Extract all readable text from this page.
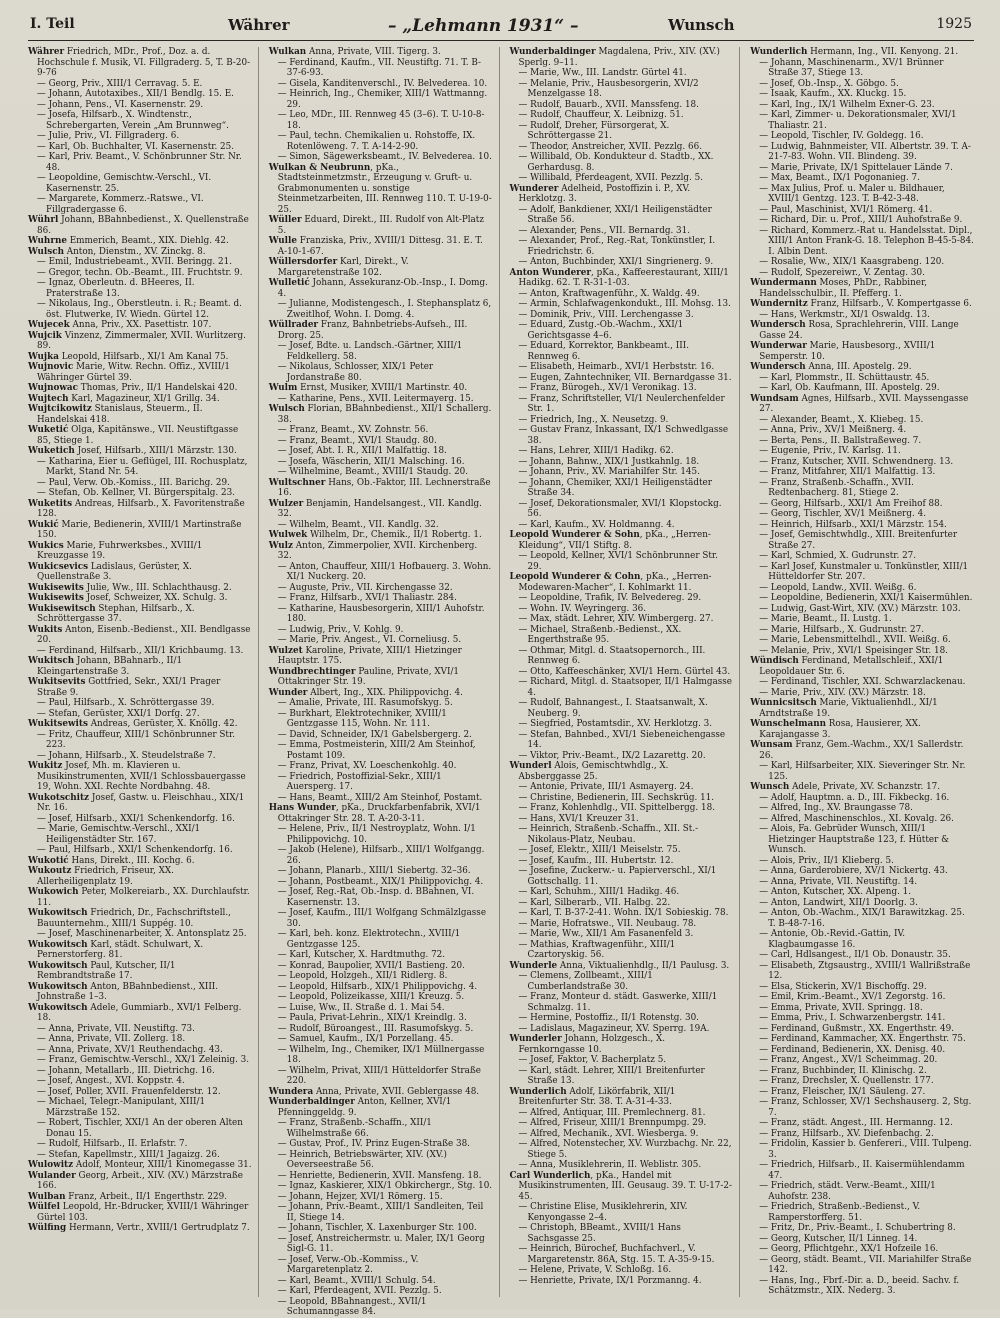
I. Teil	Währer	– „Lehmann 1931“ –	Wunsch	1925

Währer Friedrich, MDr., Prof., Doz. a. d. Hochschule f. Musik, VI. Fillgraderg. 5, T. B-20-9-76

— Georg, Priv., XIII/1 Cerravag. 5. E.

— Johann, Autotaxibes., XII/1 Bendlg. 15. E.

— Johann, Pens., VI. Kasernenstr. 29.

— Josefa, Hilfsarb., X. Windtenstr., Schrebergarten, Verein „Am Brunnweg“.

— Julie, Priv., VI. Fillgraderg. 6.

— Karl, Ob. Buchhalter, VI. Kasernenstr. 25.

— Karl, Priv. Beamt., V. Schönbrunner Str. Nr. 48.

— Leopoldine, Gemischtw.-Verschl., VI. Kasernenstr. 25.

— Margarete, Kommerz.-Ratswe., VI. Fillgradergasse 6.

Wührl Johann, BBahnbedienst., X. Quellenstraße 86.

Wuhrne Emmerich, Beamt., XIX. Diehlg. 42.

Wulsch Anton, Dienstm., XV. Zinckg. 8.

— Emil, Industriebeamt., XVII. Beringg. 21.

— Gregor, techn. Ob.-Beamt., III. Fruchtstr. 9.

— Ignaz, Oberleutn. d. BHeeres, II. Praterstraße 13.

— Nikolaus, Ing., Oberstleutn. i. R.; Beamt. d. öst. Flutwerke, IV. Wiedn. Gürtel 12.

Wujecek Anna, Priv., XX. Pasettistr. 107.

Wujcik Vinzenz, Zimmermaler, XVII. Wurlitzerg. 89.

Wujka Leopold, Hilfsarb., XI/1 Am Kanal 75.

Wujnovic Marie, Witw. Rechn. Offiz., XVIII/1 Währinger Gürtel 39.

Wujnowac Thomas, Priv., II/1 Handelskai 420.

Wujtech Karl, Magazineur, XI/1 Grillg. 34.

Wujtcikowitz Stanislaus, Steuerm., II. Handelskai 418.

Wuketić Olga, Kapitänswe., VII. Neustiftgasse 85, Stiege 1.

Wuketich Josef, Hilfsarb., XIII/1 Märzstr. 130.

— Katharina, Eier u. Geflügel, III. Rochusplatz, Markt, Stand Nr. 54.

— Paul, Verw. Ob.-Komiss., III. Barichg. 29.

— Stefan, Ob. Kellner, VI. Bürgerspitalg. 23.

Wuketits Andreas, Hilfsarb., X. Favoritenstraße 128.

Wukić Marie, Bedienerin, XVIII/1 Martinstraße 150.

Wukics Marie, Fuhrwerksbes., XVIII/1 Kreuzgasse 19.

Wukicsevics Ladislaus, Gerüster, X. Quellenstraße 3.

Wukisewits Julie, Ww., III. Schlachthausg. 2.

Wukisewits Josef, Schweizer, XX. Schulg. 3.

Wukisewitsch Stephan, Hilfsarb., X. Schröttergasse 37.

Wukits Anton, Eisenb.-Bedienst., XII. Bendlgasse 20.

— Ferdinand, Hilfsarb., XII/1 Krichbaumg. 13.

Wukitsch Johann, BBahnarb., II/1 Kleingartenstraße 3.

Wukitsevits Gottfried, Sekr., XXI/1 Prager Straße 9.

— Paul, Hilfsarb., X. Schröttergasse 39.

— Stefan, Gerüster, XXI/1 Dorfg. 27.

Wukitsewits Andreas, Gerüster, X. Knöllg. 42.

— Fritz, Chauffeur, XIII/1 Schönbrunner Str. 223.

— Johann, Hilfsarb., X. Steudelstraße 7.

Wukitz Josef, Mh. m. Klavieren u. Musikinstrumenten, XVII/1 Schlossbauergasse 19, Wohn. XXI. Rechte Nordbahng. 48.

Wukotschitz Josef, Gastw. u. Fleischhau., XIX/1 Nr. 16.

— Josef, Hilfsarb., XXI/1 Schenkendorfg. 16.

— Marie, Gemischtw.-Verschl., XXI/1 Heiligenstädter Str. 167.

— Paul, Hilfsarb., XXI/1 Schenkendorfg. 16.

Wukotić Hans, Direkt., III. Kochg. 6.

Wukoutz Friedrich, Friseur, XX. Allerheiligenplatz 19.

Wukowich Peter, Molkereiarb., XX. Durchlaufstr. 11.

Wukowitsch Friedrich, Dr., Fachschriftstell., Bauunternehm., XIII/1 Suppég. 10.

— Josef, Maschinenarbeiter, X. Antonsplatz 25.

Wukowitsch Karl, städt. Schulwart, X. Pernerstorferg. 81.

Wukowitsch Paul, Kutscher, II/1 Rembrandtstraße 17.

Wukowitsch Anton, BBahnbedienst., XIII. Johnstraße 1–3.

Wukowitsch Adele, Gummiarb., XVI/1 Felberg. 18.

— Anna, Private, VII. Neustiftg. 73.

— Anna, Private, VII. Zollerg. 18.

— Anna, Private, XV/1 Reuthendachg. 43.

— Franz, Gemischtw.-Verschl., XX/1 Zeleinig. 3.

— Johann, Metallarb., III. Dietrichg. 16.

— Josef, Angest., XVI. Koppstr. 4.

— Josef, Poller, XVII. Frauenfelderstr. 12.

— Michael, Telegr.-Manipulant, XIII/1 Märzstraße 152.

— Robert, Tischler, XXI/1 An der oberen Alten Donau 15.

— Rudolf, Hilfsarb., II. Erlafstr. 7.

— Stefan, Kapellmstr., XIII/1 Jagaizg. 26.

Wulowitz Adolf, Monteur, XIII/1 Kinomegasse 31.

Wulander Georg, Arbeit., XIV. (XV.) Märzstraße 166.

Wulban Franz, Arbeit., II/1 Engerthstr. 229.

Wülfel Leopold, Hr.-Bdrucker, XVIII/1 Währinger Gürtel 103.

Wülfing Hermann, Vertr., XVIII/1 Gertrudplatz 7.

Wulkan Anna, Private, VIII. Tigerg. 3.

— Ferdinand, Kaufm., VII. Neustiftg. 71. T. B-37-6-93.

— Gisela, Kanditenverschl., IV. Belvederea. 10.

— Heinrich, Ing., Chemiker, XIII/1 Wattmanng. 29.

— Leo, MDr., III. Rennweg 45 (3–6). T. U-10-8-18.

— Paul, techn. Chemikalien u. Rohstoffe, IX. Rotenlöweng. 7. T. A-14-2-90.

— Simon, Sägewerksbeamt., IV. Belvederea. 10.

Wulkan & Neubrunn, pKa., Stadtsteinmetzmstr., Erzeugung v. Gruft- u. Grabmonumenten u. sonstige Steinmetzarbeiten, III. Rennweg 110. T. U-19-0-25.

Wüller Eduard, Direkt., III. Rudolf von Alt-Platz 5.

Wulle Franziska, Priv., XVIII/1 Dittesg. 31. E. T. A-10-1-67.

Wüllersdorfer Karl, Direkt., V. Margaretenstraße 102.

Wulletić Johann, Assekuranz-Ob.-Insp., I. Domg. 4.

— Julianne, Modistengesch., I. Stephansplatz 6, Zweitlhof, Wohn. I. Domg. 4.

Wüllrader Franz, Bahnbetriebs-Aufseh., III. Drorg. 25.

— Josef, Bdte. u. Landsch.-Gärtner, XIII/1 Feldkellerg. 58.

— Nikolaus, Schlosser, XIX/1 Peter Jordanstraße 80.

Wulm Ernst, Musiker, XVIII/1 Martinstr. 40.

— Katharine, Pens., XVII. Leitermayerg. 15.

Wulsch Florian, BBahnbedienst., XII/1 Schallerg. 38.

— Franz, Beamt., XV. Zohnstr. 56.

— Franz, Beamt., XVI/1 Staudg. 80.

— Josef, Abt. I. R., XII/1 Malfattig. 18.

— Josefa, Wäscherin, XII/1 Malsching. 16.

— Wilhelmine, Beamt., XVIII/1 Staudg. 20.

Wultschner Hans, Ob.-Faktor, III. Lechnerstraße 16.

Wulzer Benjamin, Handelsangest., VII. Kandlg. 32.

— Wilhelm, Beamt., VII. Kandlg. 32.

Wulwek Wilhelm, Dr., Chemik., II/1 Robertg. 1.

Wulz Anton, Zimmerpolier, XVII. Kirchenberg. 32.

— Anton, Chauffeur, XIII/1 Hofbauerg. 3. Wohn. XI/1 Nuckerg. 20.

— Auguste, Priv., VII. Kirchengasse 32.

— Franz, Hilfsarb., XVI/1 Thaliastr. 284.

— Katharine, Hausbesorgerin, XIII/1 Auhofstr. 180.

— Ludwig, Priv., V. Kohlg. 9.

— Marie, Priv. Angest., VI. Corneliusg. 5.

Wulzet Karoline, Private, XIII/1 Hietzinger Hauptstr. 175.

Wundbrechtinger Pauline, Private, XVI/1 Ottakringer Str. 19.

Wunder Albert, Ing., XIX. Philippovichg. 4.

— Amalie, Private, III. Rasumofskyg. 5.

— Burkhart, Elektrotechniker, XVIII/1 Gentzgasse 115, Wohn. Nr. 111.

— David, Schneider, IX/1 Gabelsbergerg. 2.

— Emma, Postmeisterin, XIII/2 Am Steinhof, Postamt 109.

— Franz, Privat, XV. Loeschenkohlg. 40.

— Friedrich, Postoffizial-Sekr., XIII/1 Auersperg. 17.

— Hans, Beamt., XIII/2 Am Steinhof, Postamt.

Hans Wunder, pKa., Druckfarbenfabrik, XVI/1 Ottakringer Str. 28. T. A-20-3-11.

— Helene, Priv., II/1 Nestroyplatz, Wohn. I/1 Philippovichg. 10.

— Jakob (Helene), Hilfsarb., XIII/1 Wolfgangg. 26.

— Johann, Planarb., XIII/1 Siebertg. 32–36.

— Johann, Postbeamt., XIX/1 Philippovichg. 4.

— Josef, Reg.-Rat, Ob.-Insp. d. BBahnen, VI. Kasernenstr. 13.

— Josef, Kaufm., III/1 Wolfgang Schmälzlgasse 30.

— Karl, beh. konz. Elektrotechn., XVIII/1 Gentzgasse 125.

— Karl, Kutscher, X. Hardtmuthg. 72.

— Konrad, Baupolier, XVII/1 Bastieng. 20.

— Leopold, Holzgeh., XII/1 Ridlerg. 8.

— Leopold, Hilfsarb., XIX/1 Philippovichg. 4.

— Leopold, Polizeikasse, XIII/1 Kreuzg. 5.

— Luise, Ww., II. Straße d. 1. Mai 54.

— Paula, Privat-Lehrin., XIX/1 Kreindlg. 3.

— Rudolf, Büroangest., III. Rasumofskyg. 5.

— Samuel, Kaufm., IX/1 Porzellang. 45.

— Wilhelm, Ing., Chemiker, IX/1 Müllnergasse 18.

— Wilhelm, Privat, XIII/1 Hütteldorfer Straße 220.

Wundera Anna, Private, XVII. Geblergasse 48.

Wunderbaldinger Anton, Kellner, XVI/1 Pfenninggeldg. 9.

— Franz, Straßenb.-Schaffn., XII/1 Wilhelmstraße 66.

— Gustav, Prof., IV. Prinz Eugen-Straße 38.

— Heinrich, Betriebswärter, XIV. (XV.) Oeverseestraße 56.

— Henriette, Bedienerin, XVII. Mansfeng. 18.

— Ignaz, Kaskierer, XIX/1 Obkirchergr., Stg. 10.

— Johann, Hejzer, XVI/1 Römerg. 15.

— Johann, Priv.-Beamt., XIII/1 Sandleiten, Teil II, Stiege 14.

— Johann, Tischler, X. Laxenburger Str. 100.

— Josef, Anstreichermstr. u. Maler, IX/1 Georg Sigl-G. 11.

— Josef, Verw.-Ob.-Kommiss., V. Margaretenplatz 2.

— Karl, Beamt., XVIII/1 Schulg. 54.

— Karl, Pferdeagent, XVII. Pezzlg. 5.

— Leopold, BBahnangest., XVII/1 Schumanngasse 84.

Wunderbaldinger Magdalena, Priv., XIV. (XV.) Sperlg. 9–11.

— Marie, Ww., III. Landstr. Gürtel 41.

— Melanie, Priv., Hausbesorgerin, XVI/2 Menzelgasse 18.

— Rudolf, Bauarb., XVII. Manssfeng. 18.

— Rudolf, Chauffeur, X. Leibnizg. 51.

— Rudolf, Dreher, Fürsorgerat, X. Schröttergasse 21.

— Theodor, Anstreicher, XVII. Pezzlg. 66.

— Willibald, Ob. Kondukteur d. Stadtb., XX. Gerhardusg. 8.

— Willibald, Pferdeagent, XVII. Pezzlg. 5.

Wunderer Adelheid, Postoffizin i. P., XV. Herklotzg. 3.

— Adolf, Bankdiener, XXI/1 Heiligenstädter Straße 56.

— Alexander, Pens., VII. Bernardg. 31.

— Alexander, Prof., Reg.-Rat, Tonkünstler, I. Friedrichstr. 6.

— Anton, Buchbinder, XXI/1 Singrienerg. 9.

Anton Wunderer, pKa., Kaffeerestaurant, XIII/1 Hadikg. 62. T. R-31-1-03.

— Anton, Kraftwagenführ., X. Waldg. 49.

— Armin, Schlafwagenkondukt., III. Mohsg. 13.

— Dominik, Priv., VIII. Lerchengasse 3.

— Eduard, Zustg.-Ob.-Wachm., XXI/1 Gerichtsgasse 4–6.

— Eduard, Korrektor, Bankbeamt., III. Rennweg 6.

— Elisabeth, Heimarb., XVI/1 Herbststr. 16.

— Eugen, Zahntechniker, VII. Bernardgasse 31.

— Franz, Bürogeh., XV/1 Veronikag. 13.

— Franz, Schriftsteller, VI/1 Neulerchenfelder Str. 1.

— Friedrich, Ing., X. Neusetzg. 9.

— Gustav Franz, Inkassant, IX/1 Schwedlgasse 38.

— Hans, Lehrer, XIII/1 Hadikg. 62.

— Johann, Bahnw., XIX/1 Justkahnlg. 18.

— Johann, Priv., XV. Mariahilfer Str. 145.

— Johann, Chemiker, XXI/1 Heiligenstädter Straße 34.

— Josef, Dekorationsmaler, XVI/1 Klopstockg. 56.

— Karl, Kaufm., XV. Holdmanng. 4.

Leopold Wunderer & Sohn, pKa., „Herren-Kleidung“, VII/1 Stiftg. 8.

— Leopold, Kellner, XVI/1 Schönbrunner Str. 29.

Leopold Wunderer & Cohn, pKa., „Herren-Modewaren-Macher“, I. Kohlmarkt 11.

— Leopoldine, Trafik, IV. Belvedereg. 29.

— Wohn. IV. Weyringerg. 36.

— Max, städt. Lehrer, XIV. Wimbergerg. 27.

— Michael, Straßenb.-Bedienst., XX. Engerthstraße 95.

— Othmar, Mitgl. d. Staatsopernorch., III. Rennweg 6.

— Otto, Kaffeeschänker, XVI/1 Hern. Gürtel 43.

— Richard, Mitgl. d. Staatsoper, II/1 Halmgasse 4.

— Rudolf, Bahnangest., I. Staatsanwalt, X. Neuberg. 9.

— Siegfried, Postamtsdir., XV. Herklotzg. 3.

— Stefan, Bahnbed., XVI/1 Siebeneichengasse 14.

— Viktor, Priv.-Beamt., IX/2 Lazarettg. 20.

Wunderl Alois, Gemischtwhdlg., X. Absberggasse 25.

— Antonie, Private, III/1 Asmayerg. 24.

— Christine, Bedienerin, III. Sechskrüg. 11.

— Franz, Kohlenhdlg., VII. Spittelbergg. 18.

— Hans, XVI/1 Kreuzer 31.

— Heinrich, Straßenb.-Schaffn., XII. St.-Nikolaus-Platz, Neubau.

— Josef, Elektr., XIII/1 Meiselstr. 75.

— Josef, Kaufm., III. Hubertstr. 12.

— Josefine, Zuckerw.- u. Papierverschl., XI/1 Gottschallg. 11.

— Karl, Schuhm., XIII/1 Hadikg. 46.

— Karl, Silberarb., VII. Halbg. 22.

— Karl, T. B-37-2-41. Wohn. IX/1 Sobieskig. 78.

— Marie, Hofratswe., VII. Neubaug. 78.

— Marie, Ww., XII/1 Am Fasanenfeld 3.

— Mathias, Kraftwagenführ., XIII/1 Czartoryskig. 56.

Wunderle Anna, Viktualienhdlg., II/1 Paulusg. 3.

— Clemens, Zollbeamt., XIII/1 Cumberlandstraße 30.

— Franz, Monteur d. städt. Gaswerke, XIII/1 Schmalzg. 11.

— Hermine, Postoffiz., II/1 Rotenstg. 30.

— Ladislaus, Magazineur, XV. Sperrg. 19A.

Wunderler Johann, Holzgesch., X. Fernkorngasse 10.

— Josef, Faktor, V. Bacherplatz 5.

— Karl, städt. Lehrer, XIII/1 Breitenfurter Straße 13.

Wunderlich Adolf, Likörfabrik, XII/1 Breitenfurter Str. 38. T. A-31-4-33.

— Alfred, Antiquar, III. Premlechnerg. 81.

— Alfred, Friseur, XIII/1 Brennpumpg. 29.

— Alfred, Mechanik., XVI. Wiesberga. 9.

— Alfred, Notenstecher, XV. Wurzbachg. Nr. 22, Stiege 5.

— Anna, Musiklehrerin, II. Weblistr. 305.

Carl Wunderlich, pKa., Handel mit Musikinstrumenten, III. Geusaug. 39. T. U-17-2-45.

— Christine Elise, Musiklehrerin, XIV. Kenyongasse 2–4.

— Christoph, BBeamt., XVIII/1 Hans Sachsgasse 25.

— Heinrich, Bürochef, Buchfachverl., V. Margaretenstr. 86A, Stg. 15. T. A-35-9-15.

— Helene, Private, V. Schloßg. 16.

— Henriette, Private, IX/1 Porzmanng. 4.

Wunderlich Hermann, Ing., VII. Kenyong. 21.

— Johann, Maschinenarm., XV/1 Brünner Straße 37, Stiege 13.

— Josef, Ob.-Insp., X. Göbgo. 5.

— Isaak, Kaufm., XX. Kluckg. 15.

— Karl, Ing., IX/1 Wilhelm Exner-G. 23.

— Karl, Zimmer- u. Dekorationsmaler, XVI/1 Thaliastr. 21.

— Leopold, Tischler, IV. Goldegg. 16.

— Ludwig, Bahnmeister, VII. Albertstr. 39. T. A-21-7-83. Wohn. VII. Blindeng. 39.

— Marie, Private, IX/1 Spittelauer Lände 7.

— Max, Beamt., IX/1 Pogonanieg. 7.

— Max Julius, Prof. u. Maler u. Bildhauer, XVIII/1 Gentzg. 123. T. B-42-3-48.

— Paul, Maschinist, XVI/1 Römerg. 41.

— Richard, Dir. u. Prof., XIII/1 Auhofstraße 9.

— Richard, Kommerz.-Rat u. Handelsstat. Dipl., XIII/1 Anton Frank-G. 18. Telephon B-45-5-84. I. Albin Dent.

— Rosalie, Ww., XIX/1 Kaasgrabeng. 120.

— Rudolf, Spezereiwr., V. Zentag. 30.

Wundermann Moses, PhDr., Rabbiner, Handelsschulbir., II. Pfefferg. 1.

Wundernitz Franz, Hilfsarb., V. Kompertgasse 6.

— Hans, Werkmstr., XI/1 Oswaldg. 13.

Wundersch Rosa, Sprachlehrerin, VIII. Lange Gasse 24.

Wunderwar Marie, Hausbesorg., XVIII/1 Semperstr. 10.

Wundersch Anna, III. Apostelg. 29.

— Karl, Plommstr., II. Schüttaustr. 45.

— Karl, Ob. Kaufmann, III. Apostelg. 29.

Wundsam Agnes, Hilfsarb., XVII. Mayssengasse 27.

— Alexander, Beamt., X. Kliebeg. 15.

— Anna, Priv., XV/1 Meißnerg. 4.

— Berta, Pens., II. Ballstraßeweg. 7.

— Eugenie, Priv., IV. Karlsg. 11.

— Franz, Kutscher, XVII. Schwendnerg. 13.

— Franz, Mitfahrer, XII/1 Malfattig. 13.

— Franz, Straßenb.-Schaffn., XVII. Redtenbacherg. 81, Stiege 2.

— Georg, Hilfsarb., XXI/1 Am Freihof 88.

— Georg, Tischler, XV/1 Meißnerg. 4.

— Heinrich, Hilfsarb., XXI/1 Märzstr. 154.

— Josef, Gemischtwhdlg., XIII. Breitenfurter Straße 27.

— Karl, Schmied, X. Gudrunstr. 27.

— Karl Josef, Kunstmaler u. Tonkünstler, XIII/1 Hütteldorfer Str. 207.

— Leopold, Landw., XVII. Weißg. 6.

— Leopoldine, Bedienerin, XXI/1 Kaisermühlen.

— Ludwig, Gast-Wirt, XIV. (XV.) Märzstr. 103.

— Marie, Beamt., II. Lustg. 1.

— Marie, Hilfsarb., X. Gudrunstr. 27.

— Marie, Lebensmittelhdl., XVII. Weißg. 6.

— Melanie, Priv., XVI/1 Speisinger Str. 18.

Wündisch Ferdinand, Metallschleif., XXI/1 Leopoldauer Str. 6.

— Ferdinand, Tischler, XXI. Schwarzlackenau.

— Marie, Priv., XIV. (XV.) Märzstr. 18.

Wunnicsitsch Marie, Viktualienhdl., XI/1 Arndtstraße 19.

Wunschelmann Rosa, Hausierer, XX. Karajangasse 3.

Wunsam Franz, Gem.-Wachm., XX/1 Sallerdstr. 26.

— Karl, Hilfsarbeiter, XIX. Sieveringer Str. Nr. 125.

Wunsch Adele, Private, XV. Schanzstr. 17.

— Adolf, Hauptmn. a. D., III. Fikbeckg. 16.

— Alfred, Ing., XV. Braungasse 78.

— Alfred, Maschinenschlos., XI. Kovalg. 26.

— Alois, Fa. Gebrüder Wunsch, XIII/1 Hietzinger Hauptstraße 123, f. Hütter & Wunsch.

— Alois, Priv., II/1 Klieberg. 5.

— Anna, Garderobiere, XV/1 Nickertg. 43.

— Anna, Private, VII. Neustiftg. 14.

— Anton, Kutscher, XX. Alpeng. 1.

— Anton, Landwirt, XII/1 Doorlg. 3.

— Anton, Ob.-Wachm., XIX/1 Barawitzkag. 25. T. B-48-7-16.

— Antonie, Ob.-Revid.-Gattin, IV. Klagbaumgasse 16.

— Carl, Hdlsangest., II/1 Ob. Donaustr. 35.

— Elisabeth, Ztgsaustrg., XVIII/1 Wallrißstraße 12.

— Elsa, Stickerin, XV/1 Bischoffg. 29.

— Emil, Krim.-Beamt., XV/1 Zegorstg. 16.

— Emma, Private, XVII. Springg. 18.

— Emma, Priv., I. Schwarzenbergstr. 141.

— Ferdinand, Gußmstr., XX. Engerthstr. 49.

— Ferdinand, Kammacher, XX. Engerthstr. 75.

— Ferdinand, Bedienerin, XX. Denisg. 40.

— Franz, Angest., XV/1 Scheimmag. 20.

— Franz, Buchbinder, II. Klinischg. 2.

— Franz, Drechsler, X. Quellenstr. 177.

— Franz, Fleischer, IX/1 Säuleng. 27.

— Franz, Schlosser, XV/1 Sechshauserg. 2, Stg. 7.

— Franz, städt. Angest., III. Hermanng. 12.

— Franz, Hilfsarb., XV. Diefenbachg. 2.

— Fridolin, Kassier b. Genfereri., VIII. Tulpeng. 3.

— Friedrich, Hilfsarb., II. Kaisermühlendamm 47.

— Friedrich, städt. Verw.-Beamt., XIII/1 Auhofstr. 238.

— Friedrich, Straßenb.-Bedienst., V. Ramperstorfferg. 51.

— Fritz, Dr., Priv.-Beamt., I. Schubertring 8.

— Georg, Kutscher, II/1 Linneg. 14.

— Georg, Pflichtgehr., XX/1 Hofzeile 16.

— Georg, städt. Beamt., VII. Mariahilfer Straße 142.

— Hans, Ing., Fbrf.-Dir. a. D., beeid. Sachv. f. Schätzmstr., XIX. Nederg. 3.
